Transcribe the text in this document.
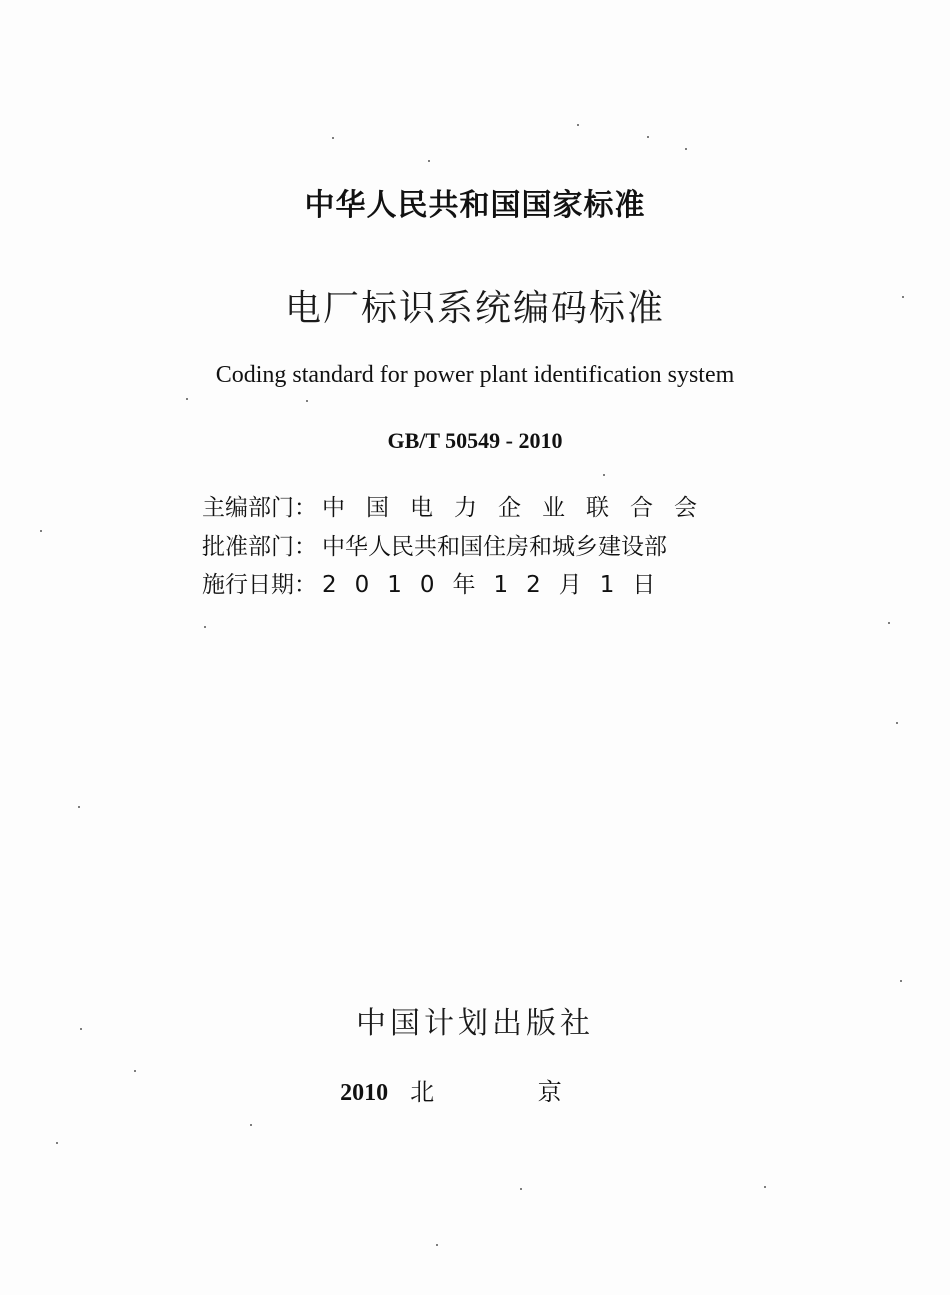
中华人民共和国国家标准
电厂标识系统编码标准
Coding standard for power plant identification system
GB/T 50549 - 2010
主编部门： 中国电力企业联合会
批准部门： 中华人民共和国住房和城乡建设部
施行日期： 2010年12月1日
中国计划出版社
2010 北 京
